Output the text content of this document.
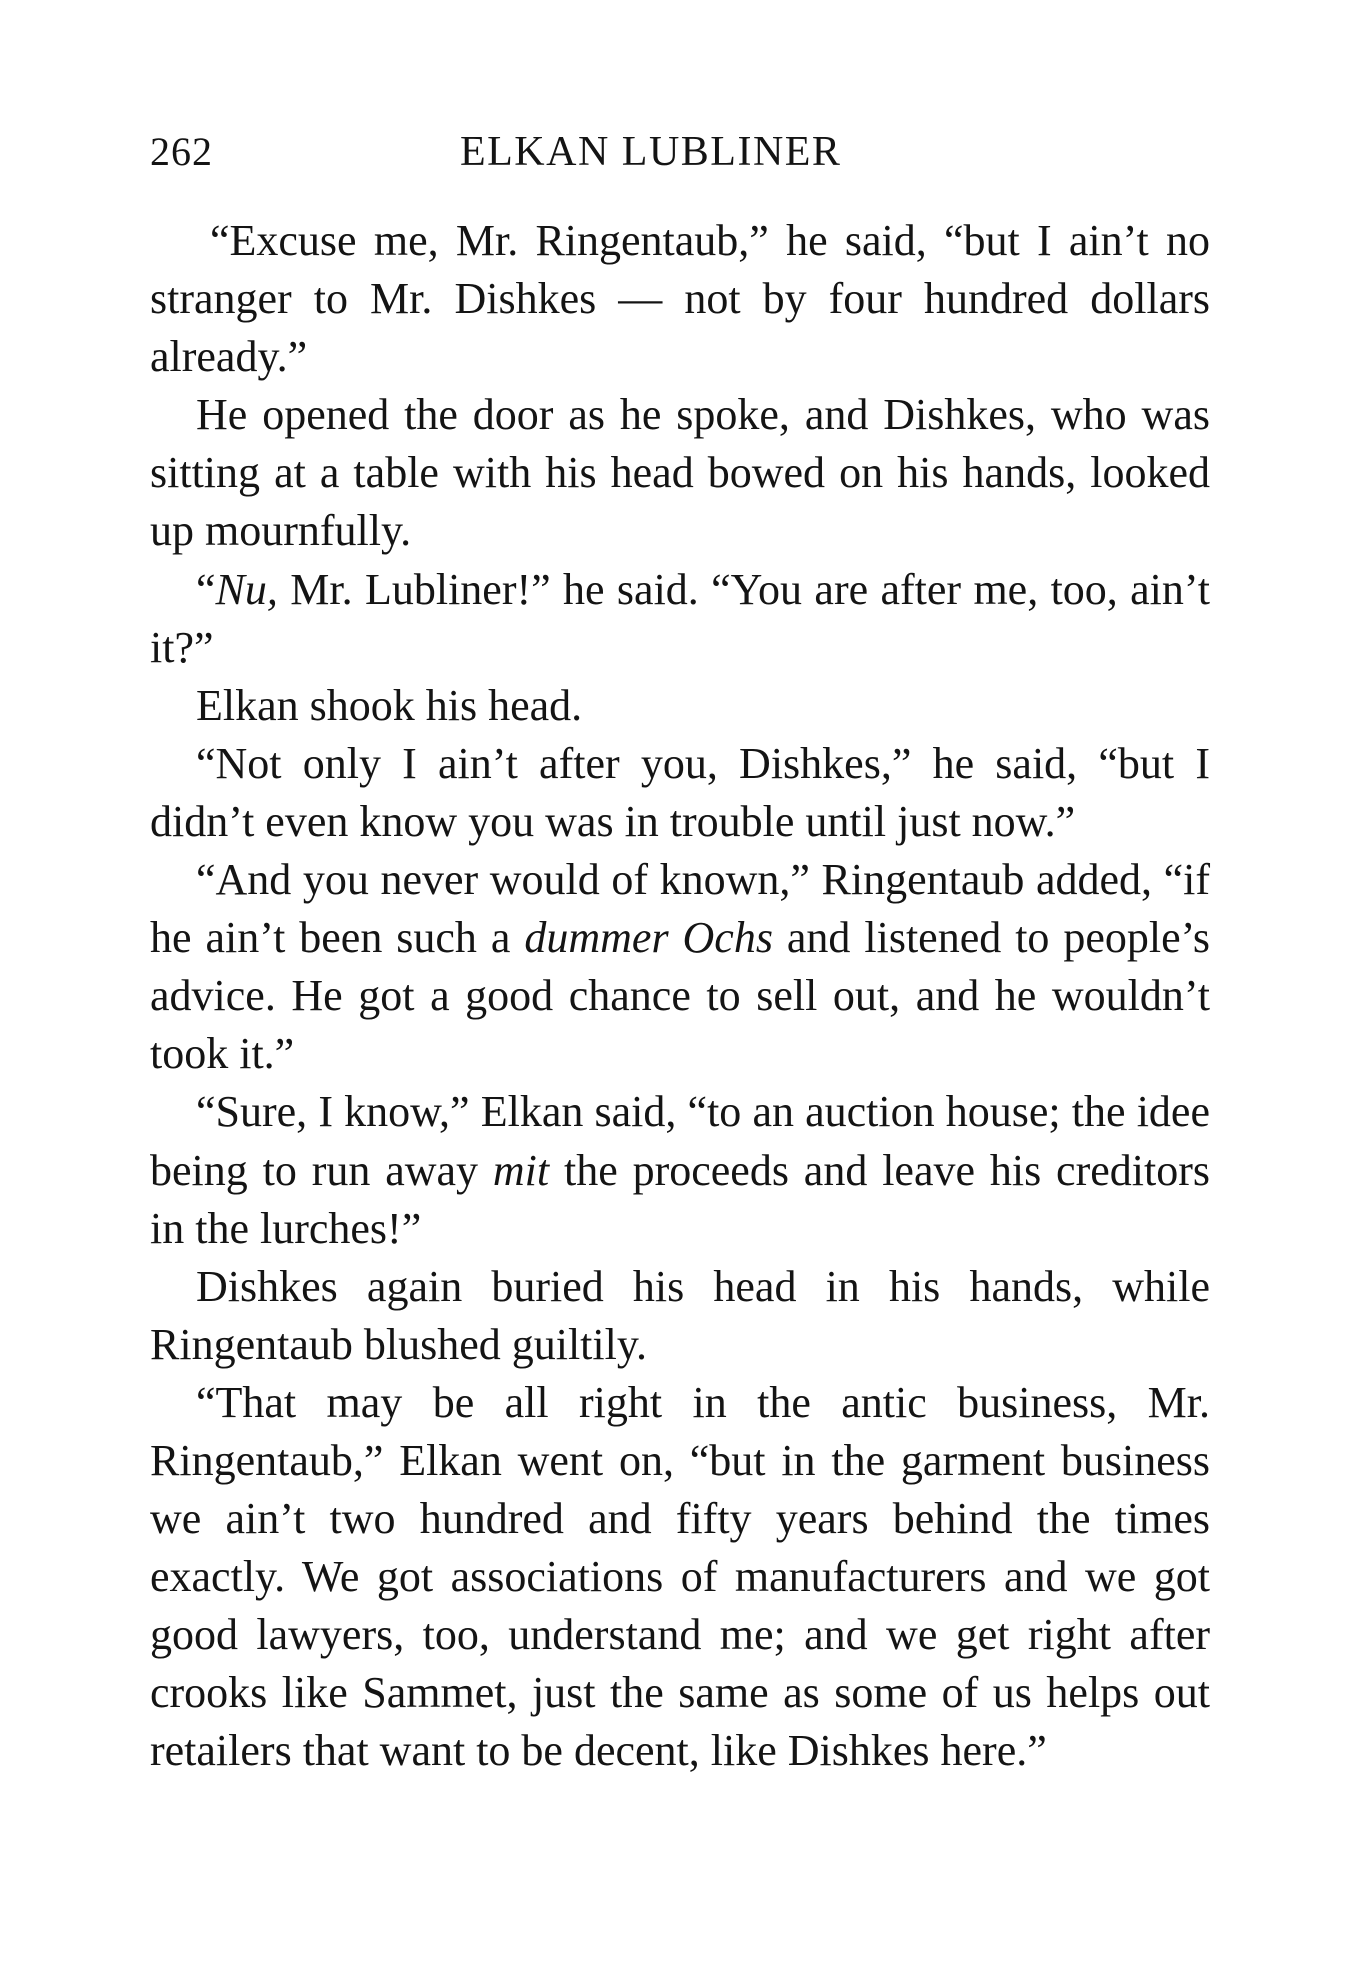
262	ELKAN LUBLINER

“Excuse me, Mr. Ringentaub,” he said, “but I ain’t no stranger to Mr. Dishkes — not by four hundred dollars already.”

He opened the door as he spoke, and Dishkes, who was sitting at a table with his head bowed on his hands, looked up mournfully.

“Nu, Mr. Lubliner!” he said. “You are after me, too, ain’t it?”

Elkan shook his head.

“Not only I ain’t after you, Dishkes,” he said, “but I didn’t even know you was in trouble until just now.”

“And you never would of known,” Ringentaub added, “if he ain’t been such a dummer Ochs and listened to people’s advice. He got a good chance to sell out, and he wouldn’t took it.”

“Sure, I know,” Elkan said, “to an auction house; the idee being to run away mit the proceeds and leave his creditors in the lurches!”

Dishkes again buried his head in his hands, while Ringentaub blushed guiltily.

“That may be all right in the antic business, Mr. Ringentaub,” Elkan went on, “but in the garment business we ain’t two hundred and fifty years behind the times exactly. We got associations of manufacturers and we got good lawyers, too, understand me; and we get right after crooks like Sammet, just the same as some of us helps out retailers that want to be decent, like Dishkes here.”
